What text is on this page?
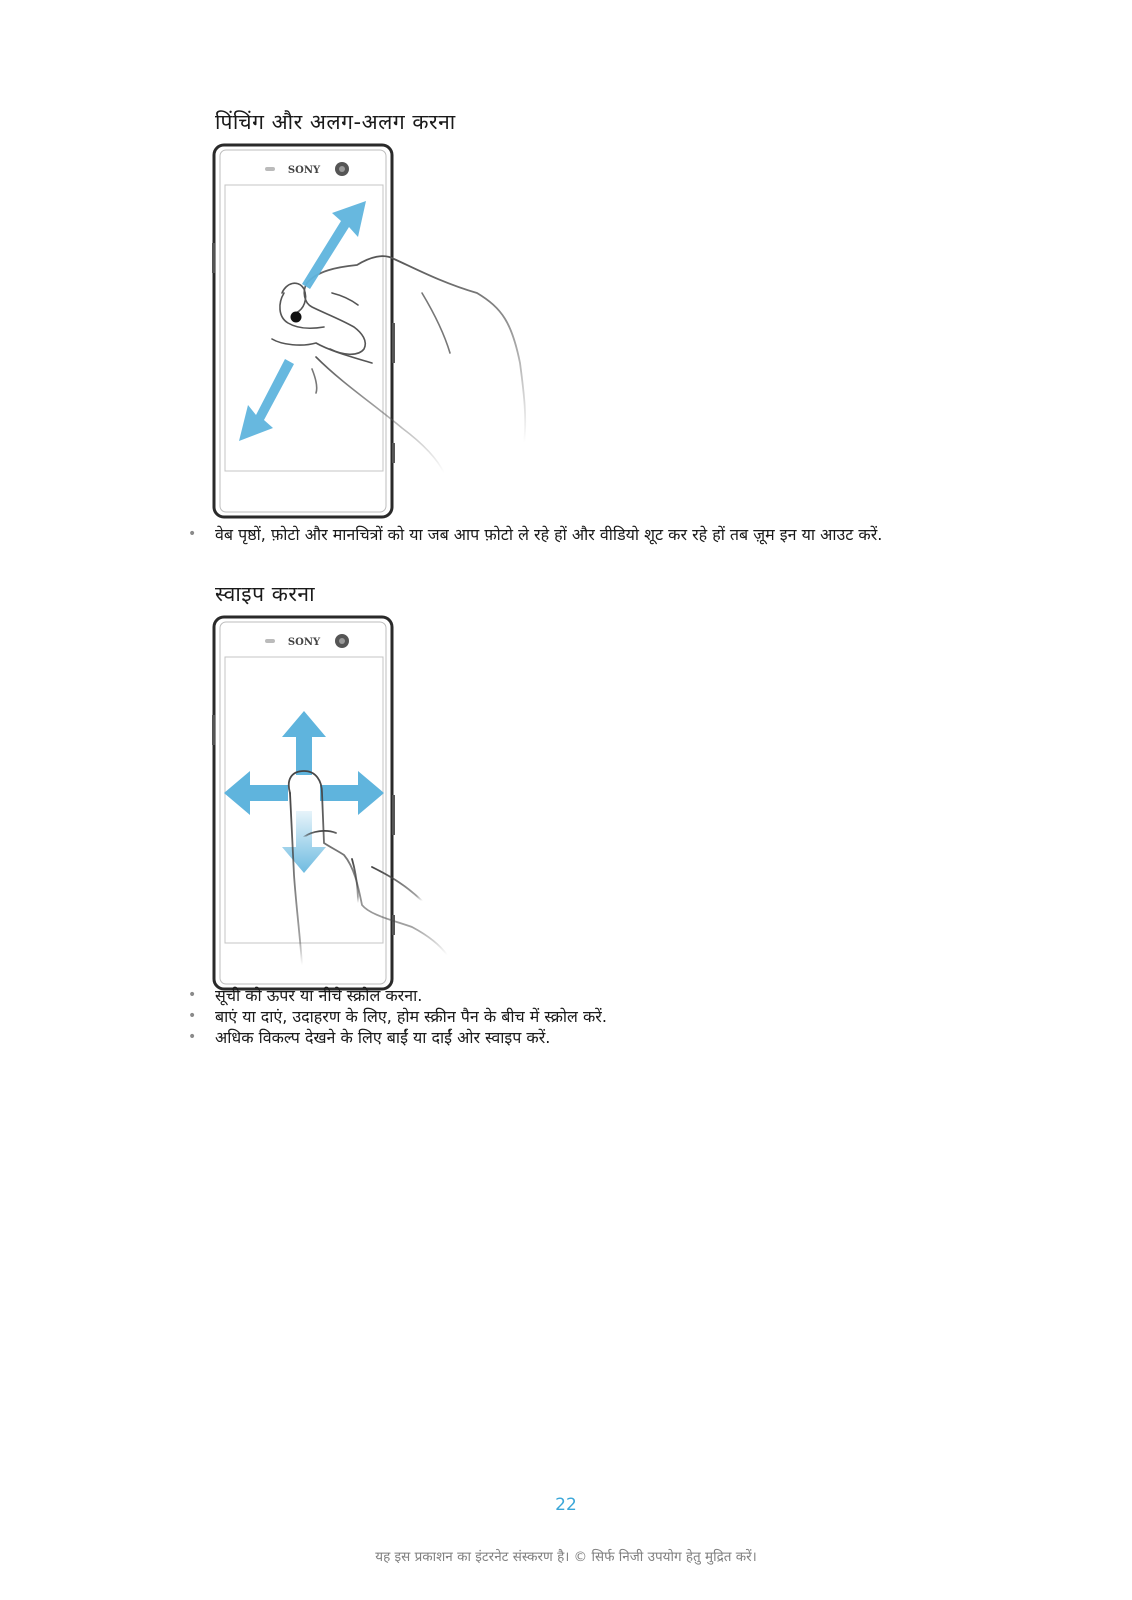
पिंचिंग और अलग-अलग करना
SONY
• वेब पृष्ठों, फ़ोटो और मानचित्रों को या जब आप फ़ोटो ले रहे हों और वीडियो शूट कर रहे हों तब ज़ूम इन या आउट करें.
स्वाइप करना
SONY
• सूची को ऊपर या नीचे स्क्रोल करना.
• बाएं या दाएं, उदाहरण के लिए, होम स्क्रीन पैन के बीच में स्क्रोल करें.
• अधिक विकल्प देखने के लिए बाईं या दाईं ओर स्वाइप करें.
22
यह इस प्रकाशन का इंटरनेट संस्करण है। © सिर्फ निजी उपयोग हेतु मुद्रित करें।
